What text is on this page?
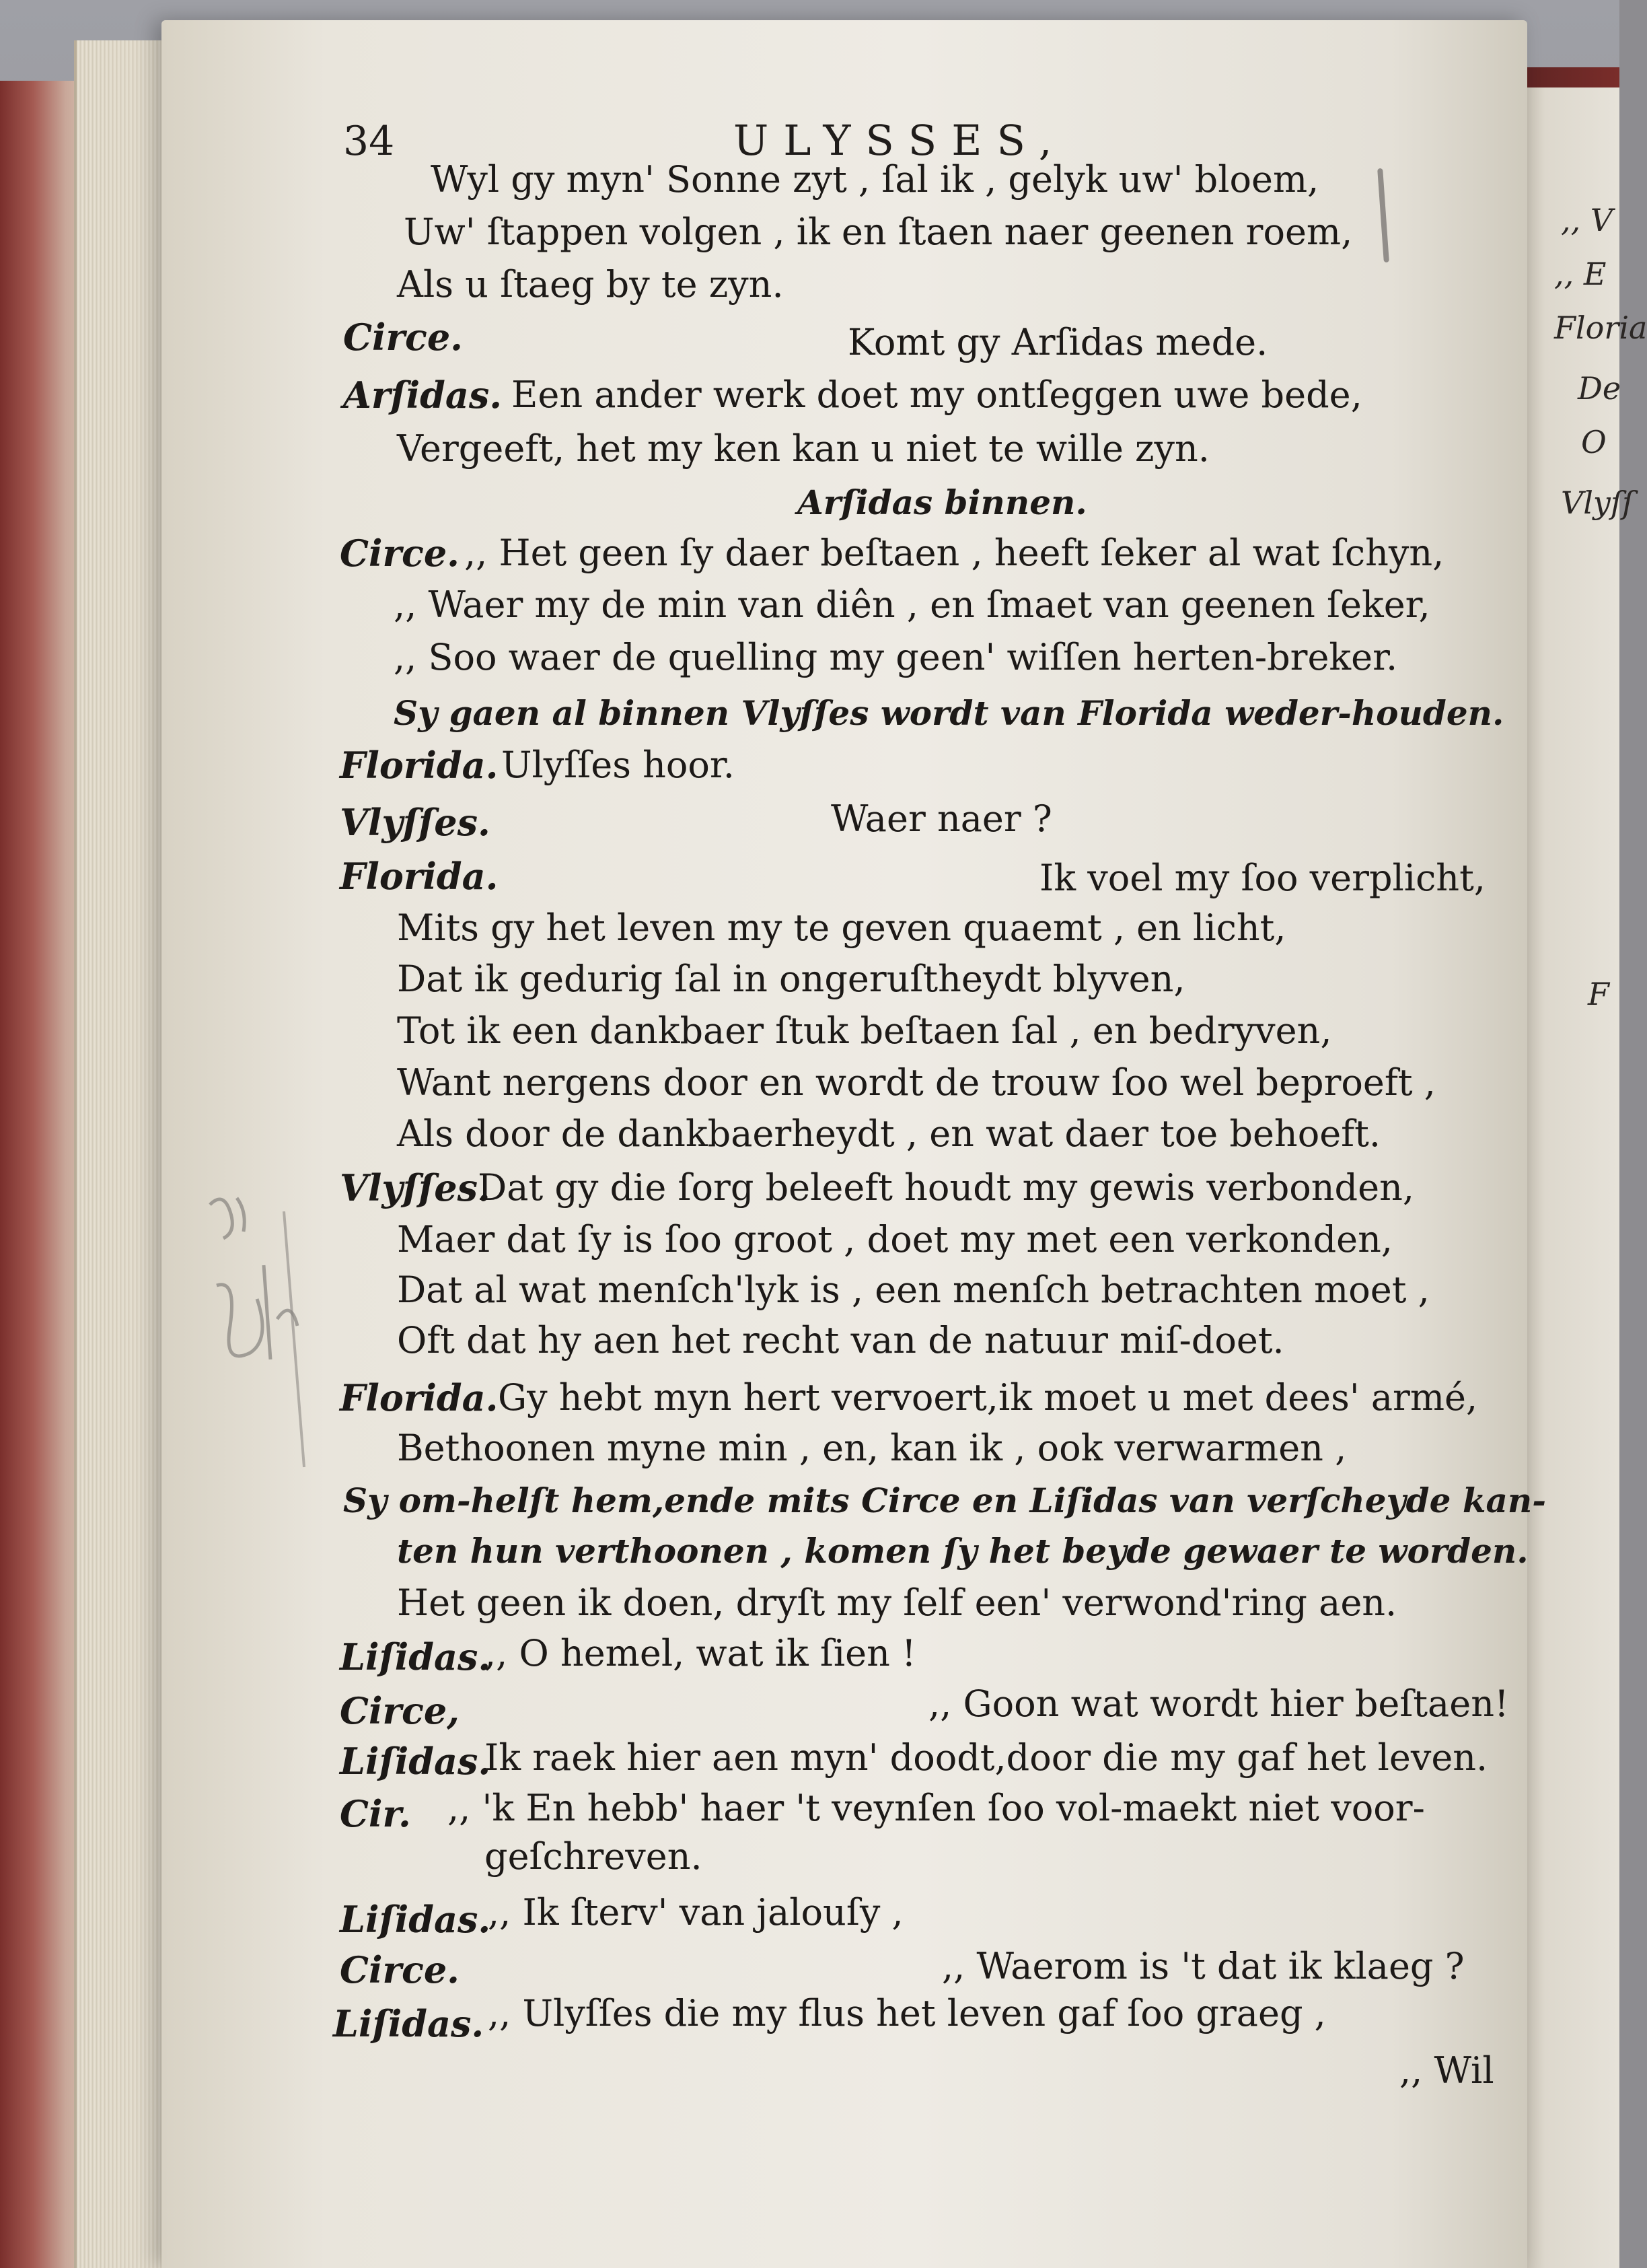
,, V
,, E
Floria
De
O
Vlyſſ
F
34	ULYSSES,
Wyl gy myn' Sonne zyt , ſal ik , gelyk uw' bloem,
Uw' ſtappen volgen , ik en ſtaen naer geenen roem,
Als u ſtaeg by te zyn.
Circe.	Komt gy Arſidas mede.
Arſidas. Een ander werk doet my ontſeggen uwe bede,
Vergeeft, het my ken kan u niet te wille zyn.
Arſidas binnen.
Circe. ,, Het geen ſy daer beſtaen , heeft ſeker al wat ſchyn,
,, Waer my de min van diên , en ſmaet van geenen ſeker,
,, Soo waer de quelling my geen' wiſſen herten-breker.
Sy gaen al binnen Vlyſſes wordt van Florida weder-houden.
Florida. Ulyſſes hoor.
Vlyſſes.	Waer naer ?
Florida.	Ik voel my ſoo verplicht,
Mits gy het leven my te geven quaemt , en licht,
Dat ik gedurig ſal in ongeruſtheydt blyven,
Tot ik een dankbaer ſtuk beſtaen ſal , en bedryven,
Want nergens door en wordt de trouw ſoo wel beproeft ,
Als door de dankbaerheydt , en wat daer toe behoeft.
Vlyſſes.
Dat gy die ſorg beleeft houdt my gewis verbonden,
Maer dat ſy is ſoo groot , doet my met een verkonden,
Dat al wat menſch'lyk is , een menſch betrachten moet ,
Oft dat hy aen het recht van de natuur miſ-doet.
Florida. Gy hebt myn hert vervoert,ik moet u met dees' armé,
Bethoonen myne min , en, kan ik , ook verwarmen ,
Sy om-helſt hem,ende mits Circe en Liſidas van verſcheyde kan-
ten hun verthoonen , komen ſy het beyde gewaer te worden.
Het geen ik doen, dryſt my ſelf een' verwond'ring aen.
Liſidas.
,, O hemel, wat ik ſien !
Circe,	,, Goon wat wordt hier beſtaen!
Liſidas.
Ik raek hier aen myn' doodt,door die my gaf het leven.
Cir. ,, 'k En hebb' haer 't veynſen ſoo vol-maekt niet voor-
geſchreven.
Liſidas.
,, Ik ſterv' van jalouſy ,
Circe.	,, Waerom is 't dat ik klaeg ?
Liſidas. ,, Ulyſſes die my flus het leven gaf ſoo graeg ,
,, Wil
